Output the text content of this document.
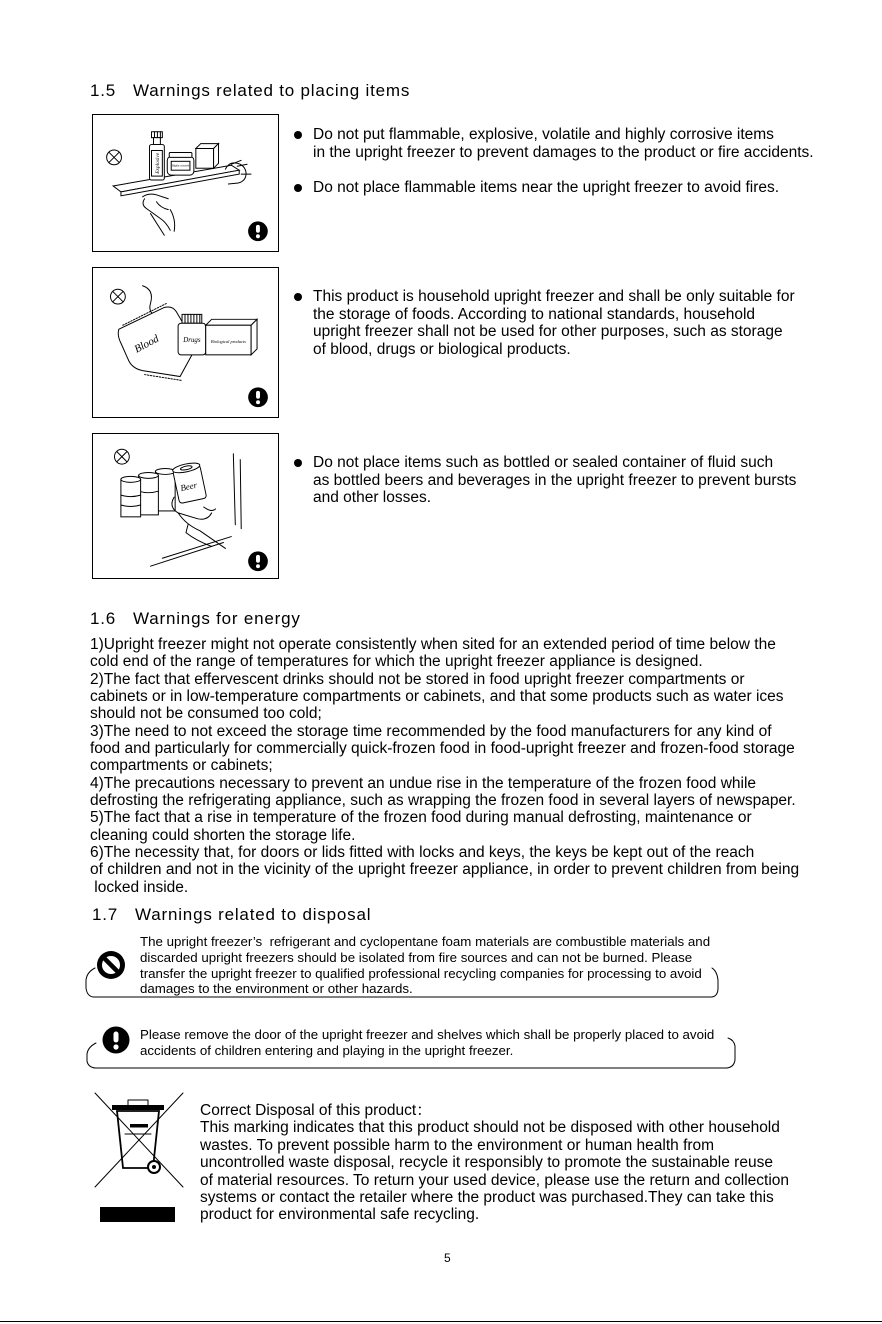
1.5 Warnings related to placing items
Explosive	Highly corrosive
Do not put flammable, explosive, volatile and highly corrosive items
in the upright freezer to prevent damages to the product or fire accidents.
Do not place flammable items near the upright freezer to avoid fires.
Blood	Drugs Biological products
This product is household upright freezer and shall be only suitable for
the storage of foods. According to national standards, household
upright freezer shall not be used for other purposes, such as storage
of blood, drugs or biological products.
Beer
Do not place items such as bottled or sealed container of fluid such
as bottled beers and beverages in the upright freezer to prevent bursts
and other losses.
1.6 Warnings for energy
1)Upright freezer might not operate consistently when sited for an extended period of time below the
cold end of the range of temperatures for which the upright freezer appliance is designed.
2)The fact that effervescent drinks should not be stored in food upright freezer compartments or
cabinets or in low-temperature compartments or cabinets, and that some products such as water ices
should not be consumed too cold;
3)The need to not exceed the storage time recommended by the food manufacturers for any kind of
food and particularly for commercially quick-frozen food in food-upright freezer and frozen-food storage
compartments or cabinets;
4)The precautions necessary to prevent an undue rise in the temperature of the frozen food while
defrosting the refrigerating appliance, such as wrapping the frozen food in several layers of newspaper.
5)The fact that a rise in temperature of the frozen food during manual defrosting, maintenance or
cleaning could shorten the storage life.
6)The necessity that, for doors or lids fitted with locks and keys, the keys be kept out of the reach
of children and not in the vicinity of the upright freezer appliance, in order to prevent children from being
locked inside.
1.7 Warnings related to disposal
The upright freezer’s  refrigerant and cyclopentane foam materials are combustible materials and
discarded upright freezers should be isolated from fire sources and can not be burned. Please
transfer the upright freezer to qualified professional recycling companies for processing to avoid
damages to the environment or other hazards.
Please remove the door of the upright freezer and shelves which shall be properly placed to avoid
accidents of children entering and playing in the upright freezer.
Correct Disposal of this product：
This marking indicates that this product should not be disposed with other household
wastes. To prevent possible harm to the environment or human health from
uncontrolled waste disposal, recycle it responsibly to promote the sustainable reuse
of material resources. To return your used device, please use the return and collection
systems or contact the retailer where the product was purchased.They can take this
product for environmental safe recycling.
5
